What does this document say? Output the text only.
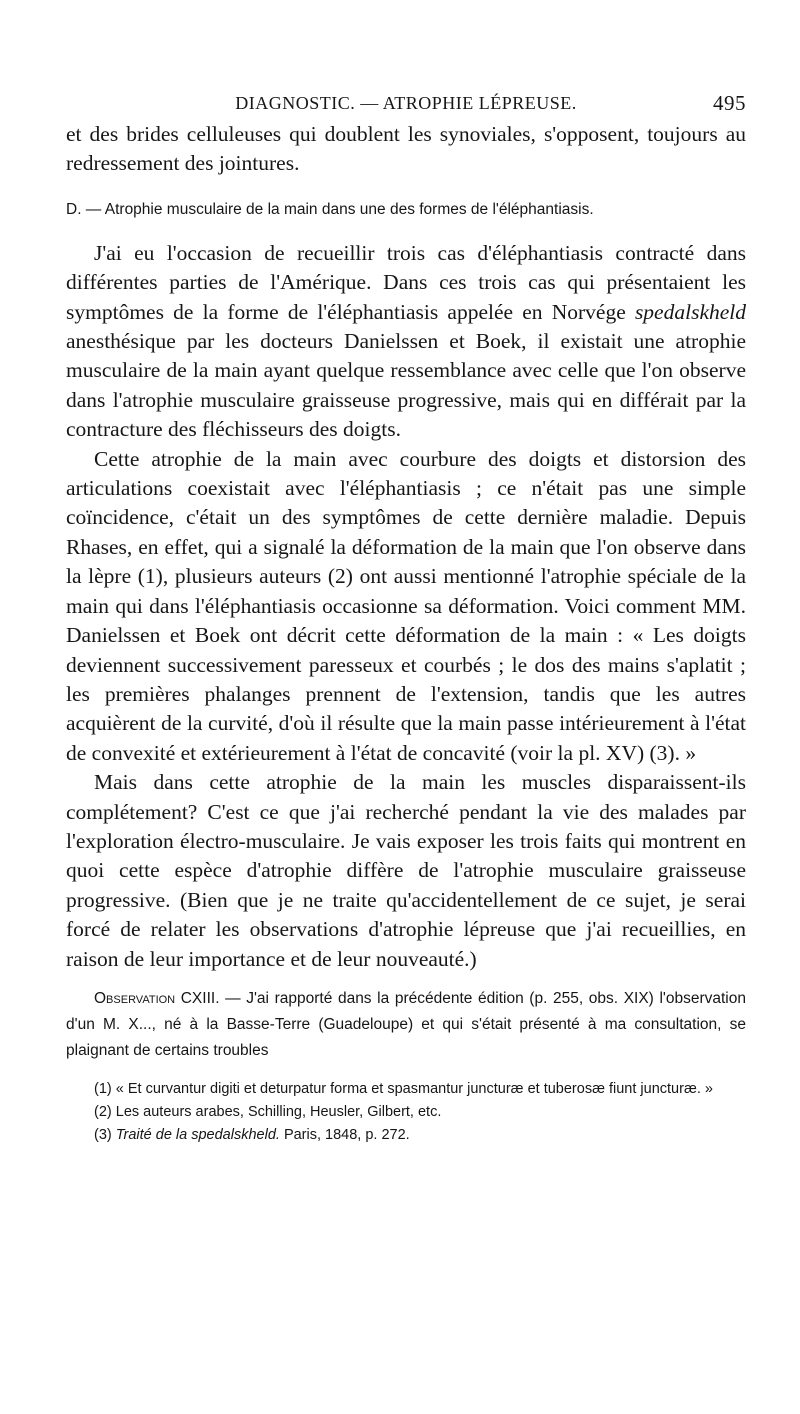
DIAGNOSTIC. — ATROPHIE LÉPREUSE.	495

et des brides celluleuses qui doublent les synoviales, s'opposent, toujours au redressement des jointures.

D. — Atrophie musculaire de la main dans une des formes de l'éléphantiasis.

J'ai eu l'occasion de recueillir trois cas d'éléphantiasis contracté dans différentes parties de l'Amérique. Dans ces trois cas qui présentaient les symptômes de la forme de l'éléphantiasis appelée en Norvége spedalskheld anesthésique par les docteurs Danielssen et Boek, il existait une atrophie musculaire de la main ayant quelque ressemblance avec celle que l'on observe dans l'atrophie musculaire graisseuse progressive, mais qui en différait par la contracture des fléchisseurs des doigts.

Cette atrophie de la main avec courbure des doigts et distorsion des articulations coexistait avec l'éléphantiasis ; ce n'était pas une simple coïncidence, c'était un des symptômes de cette dernière maladie. Depuis Rhases, en effet, qui a signalé la déformation de la main que l'on observe dans la lèpre (1), plusieurs auteurs (2) ont aussi mentionné l'atrophie spéciale de la main qui dans l'éléphantiasis occasionne sa déformation. Voici comment MM. Danielssen et Boek ont décrit cette déformation de la main : « Les doigts deviennent successivement paresseux et courbés ; le dos des mains s'aplatit ; les premières phalanges prennent de l'extension, tandis que les autres acquièrent de la curvité, d'où il résulte que la main passe intérieurement à l'état de convexité et extérieurement à l'état de concavité (voir la pl. XV) (3). »

Mais dans cette atrophie de la main les muscles disparaissent-ils complétement? C'est ce que j'ai recherché pendant la vie des malades par l'exploration électro-musculaire. Je vais exposer les trois faits qui montrent en quoi cette espèce d'atrophie diffère de l'atrophie musculaire graisseuse progressive. (Bien que je ne traite qu'accidentellement de ce sujet, je serai forcé de relater les observations d'atrophie lépreuse que j'ai recueillies, en raison de leur importance et de leur nouveauté.)

Observation CXIII. — J'ai rapporté dans la précédente édition (p. 255, obs. XIX) l'observation d'un M. X..., né à la Basse-Terre (Guadeloupe) et qui s'était présenté à ma consultation, se plaignant de certains troubles

(1) « Et curvantur digiti et deturpatur forma et spasmantur juncturæ et tuberosæ fiunt juncturæ. »

(2) Les auteurs arabes, Schilling, Heusler, Gilbert, etc.

(3) Traité de la spedalskheld. Paris, 1848, p. 272.
